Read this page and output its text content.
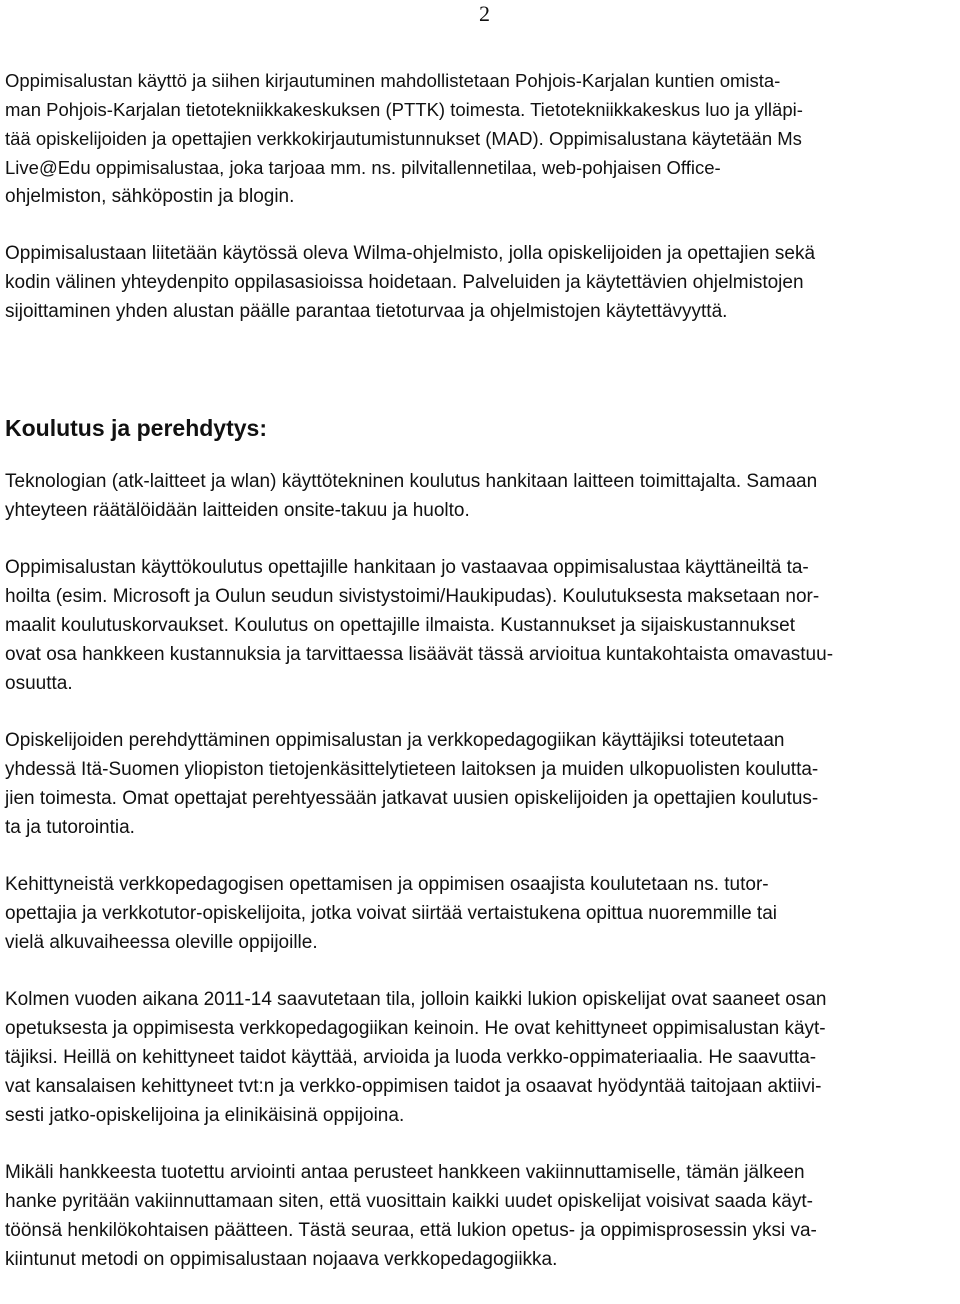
2
Oppimisalustan käyttö ja siihen kirjautuminen mahdollistetaan Pohjois-Karjalan kuntien omista-
man Pohjois-Karjalan tietotekniikkakeskuksen (PTTK) toimesta. Tietotekniikkakeskus luo ja ylläpi-
tää opiskelijoiden ja opettajien verkkokirjautumistunnukset (MAD). Oppimisalustana käytetään Ms
Live@Edu oppimisalustaa, joka tarjoaa mm. ns. pilvitallennetilaa, web-pohjaisen Office-
ohjelmiston, sähköpostin ja blogin.
Oppimisalustaan liitetään käytössä oleva Wilma-ohjelmisto, jolla opiskelijoiden ja opettajien sekä
kodin välinen yhteydenpito oppilasasioissa hoidetaan. Palveluiden ja käytettävien ohjelmistojen
sijoittaminen yhden alustan päälle parantaa tietoturvaa ja ohjelmistojen käytettävyyttä.
Koulutus ja perehdytys:
Teknologian (atk-laitteet ja wlan) käyttötekninen koulutus hankitaan laitteen toimittajalta. Samaan
yhteyteen räätälöidään laitteiden onsite-takuu ja huolto.
Oppimisalustan käyttökoulutus opettajille hankitaan jo vastaavaa oppimisalustaa käyttäneiltä ta-
hoilta (esim. Microsoft ja Oulun seudun sivistystoimi/Haukipudas). Koulutuksesta maksetaan nor-
maalit koulutuskorvaukset. Koulutus on opettajille ilmaista. Kustannukset ja sijaiskustannukset
ovat osa hankkeen kustannuksia ja tarvittaessa lisäävät tässä arvioitua kuntakohtaista omavastuu-
osuutta.
Opiskelijoiden perehdyttäminen oppimisalustan ja verkkopedagogiikan käyttäjiksi toteutetaan
yhdessä Itä-Suomen yliopiston tietojenkäsittelytieteen laitoksen ja muiden ulkopuolisten koulutta-
jien toimesta. Omat opettajat perehtyessään jatkavat uusien opiskelijoiden ja opettajien koulutus-
ta ja tutorointia.
Kehittyneistä verkkopedagogisen opettamisen ja oppimisen osaajista koulutetaan ns. tutor-
opettajia ja verkkotutor-opiskelijoita, jotka voivat siirtää vertaistukena opittua nuoremmille tai
vielä alkuvaiheessa oleville oppijoille.
Kolmen vuoden aikana 2011-14 saavutetaan tila, jolloin kaikki lukion opiskelijat ovat saaneet osan
opetuksesta ja oppimisesta verkkopedagogiikan keinoin. He ovat kehittyneet oppimisalustan käyt-
täjiksi. Heillä on kehittyneet taidot käyttää, arvioida ja luoda verkko-oppimateriaalia. He saavutta-
vat kansalaisen kehittyneet tvt:n ja verkko-oppimisen taidot ja osaavat hyödyntää taitojaan aktiivi-
sesti jatko-opiskelijoina ja elinikäisinä oppijoina.
Mikäli hankkeesta tuotettu arviointi antaa perusteet hankkeen vakiinnuttamiselle, tämän jälkeen
hanke pyritään vakiinnuttamaan siten, että vuosittain kaikki uudet opiskelijat voisivat saada käyt-
töönsä henkilökohtaisen päätteen. Tästä seuraa, että lukion opetus- ja oppimisprosessin yksi va-
kiintunut metodi on oppimisalustaan nojaava verkkopedagogiikka.
